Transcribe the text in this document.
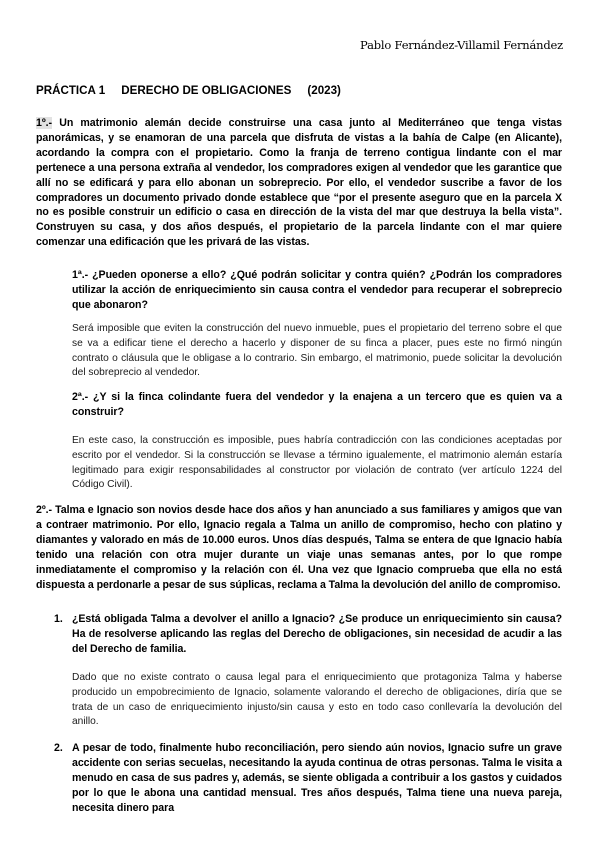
Pablo Fernández-Villamil Fernández
PRÁCTICA 1     DERECHO DE OBLIGACIONES     (2023)
1º.- Un matrimonio alemán decide construirse una casa junto al Mediterráneo que tenga vistas panorámicas, y se enamoran de una parcela que disfruta de vistas a la bahía de Calpe (en Alicante), acordando la compra con el propietario. Como la franja de terreno contigua lindante con el mar pertenece a una persona extraña al vendedor, los compradores exigen al vendedor que les garantice que allí no se edificará y para ello abonan un sobreprecio. Por ello, el vendedor suscribe a favor de los compradores un documento privado donde establece que “por el presente aseguro que en la parcela X no es posible construir un edificio o casa en dirección de la vista del mar que destruya la bella vista”. Construyen su casa, y dos años después, el propietario de la parcela lindante con el mar quiere comenzar una edificación que les privará de las vistas.
1ª.- ¿Pueden oponerse a ello? ¿Qué podrán solicitar y contra quién? ¿Podrán los compradores utilizar la acción de enriquecimiento sin causa contra el vendedor para recuperar el sobreprecio que abonaron?
Será imposible que eviten la construcción del nuevo inmueble, pues el propietario del terreno sobre el que se va a edificar tiene el derecho a hacerlo y disponer de su finca a placer, pues este no firmó ningún contrato o cláusula que le obligase a lo contrario. Sin embargo, el matrimonio, puede solicitar la devolución del sobreprecio al vendedor.
2ª.- ¿Y si la finca colindante fuera del vendedor y la enajena a un tercero que es quien va a construir?
En este caso, la construcción es imposible, pues habría contradicción con las condiciones aceptadas por escrito por el vendedor. Si la construcción se llevase a término igualemente, el matrimonio alemán estaría legitimado para exigir responsabilidades al constructor por violación de contrato (ver artículo 1224 del Código Civil).
2º.- Talma e Ignacio son novios desde hace dos años y han anunciado a sus familiares y amigos que van a contraer matrimonio. Por ello, Ignacio regala a Talma un anillo de compromiso, hecho con platino y diamantes y valorado en más de 10.000 euros. Unos días después, Talma se entera de que Ignacio había tenido una relación con otra mujer durante un viaje unas semanas antes, por lo que rompe inmediatamente el compromiso y la relación con él. Una vez que Ignacio comprueba que ella no está dispuesta a perdonarle a pesar de sus súplicas, reclama a Talma la devolución del anillo de compromiso.
1. ¿Está obligada Talma a devolver el anillo a Ignacio? ¿Se produce un enriquecimiento sin causa? Ha de resolverse aplicando las reglas del Derecho de obligaciones, sin necesidad de acudir a las del Derecho de familia.
Dado que no existe contrato o causa legal para el enriquecimiento que protagoniza Talma y haberse producido un empobrecimiento de Ignacio, solamente valorando el derecho de obligaciones, diría que se trata de un caso de enriquecimiento injusto/sin causa y esto en todo caso conllevaría la devolución del anillo.
2. A pesar de todo, finalmente hubo reconciliación, pero siendo aún novios, Ignacio sufre un grave accidente con serias secuelas, necesitando la ayuda continua de otras personas. Talma le visita a menudo en casa de sus padres y, además, se siente obligada a contribuir a los gastos y cuidados por lo que le abona una cantidad mensual. Tres años después, Talma tiene una nueva pareja, necesita dinero para
